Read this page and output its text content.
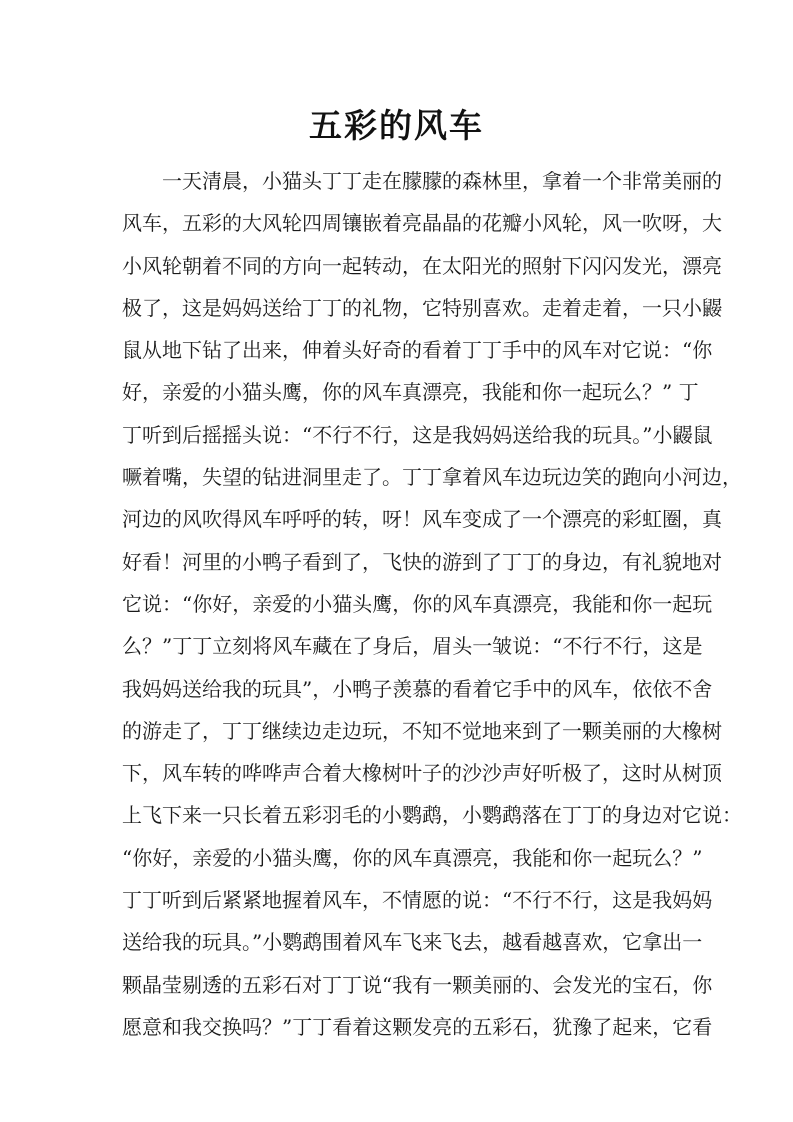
五彩的风车
一天清晨，小猫头丁丁走在朦朦的森林里，拿着一个非常美丽的
风车，五彩的大风轮四周镶嵌着亮晶晶的花瓣小风轮，风一吹呀，大
小风轮朝着不同的方向一起转动，在太阳光的照射下闪闪发光，漂亮
极了，这是妈妈送给丁丁的礼物，它特别喜欢。走着走着，一只小鼹
鼠从地下钻了出来，伸着头好奇的看着丁丁手中的风车对它说：“你
好，亲爱的小猫头鹰，你的风车真漂亮，我能和你一起玩么？” 丁
丁听到后摇摇头说：“不行不行，这是我妈妈送给我的玩具。”小鼹鼠
噘着嘴，失望的钻进洞里走了。丁丁拿着风车边玩边笑的跑向小河边，
河边的风吹得风车呼呼的转，呀！风车变成了一个漂亮的彩虹圈，真
好看！河里的小鸭子看到了，飞快的游到了丁丁的身边，有礼貌地对
它说：“你好，亲爱的小猫头鹰，你的风车真漂亮，我能和你一起玩
么？”丁丁立刻将风车藏在了身后，眉头一皱说：“不行不行，这是
我妈妈送给我的玩具”，小鸭子羡慕的看着它手中的风车，依依不舍
的游走了，丁丁继续边走边玩，不知不觉地来到了一颗美丽的大橡树
下，风车转的哗哗声合着大橡树叶子的沙沙声好听极了，这时从树顶
上飞下来一只长着五彩羽毛的小鹦鹉，小鹦鹉落在丁丁的身边对它说：
“你好，亲爱的小猫头鹰，你的风车真漂亮，我能和你一起玩么？”
丁丁听到后紧紧地握着风车，不情愿的说：“不行不行，这是我妈妈
送给我的玩具。”小鹦鹉围着风车飞来飞去，越看越喜欢，它拿出一
颗晶莹剔透的五彩石对丁丁说“我有一颗美丽的、会发光的宝石，你
愿意和我交换吗？”丁丁看着这颗发亮的五彩石，犹豫了起来，它看
